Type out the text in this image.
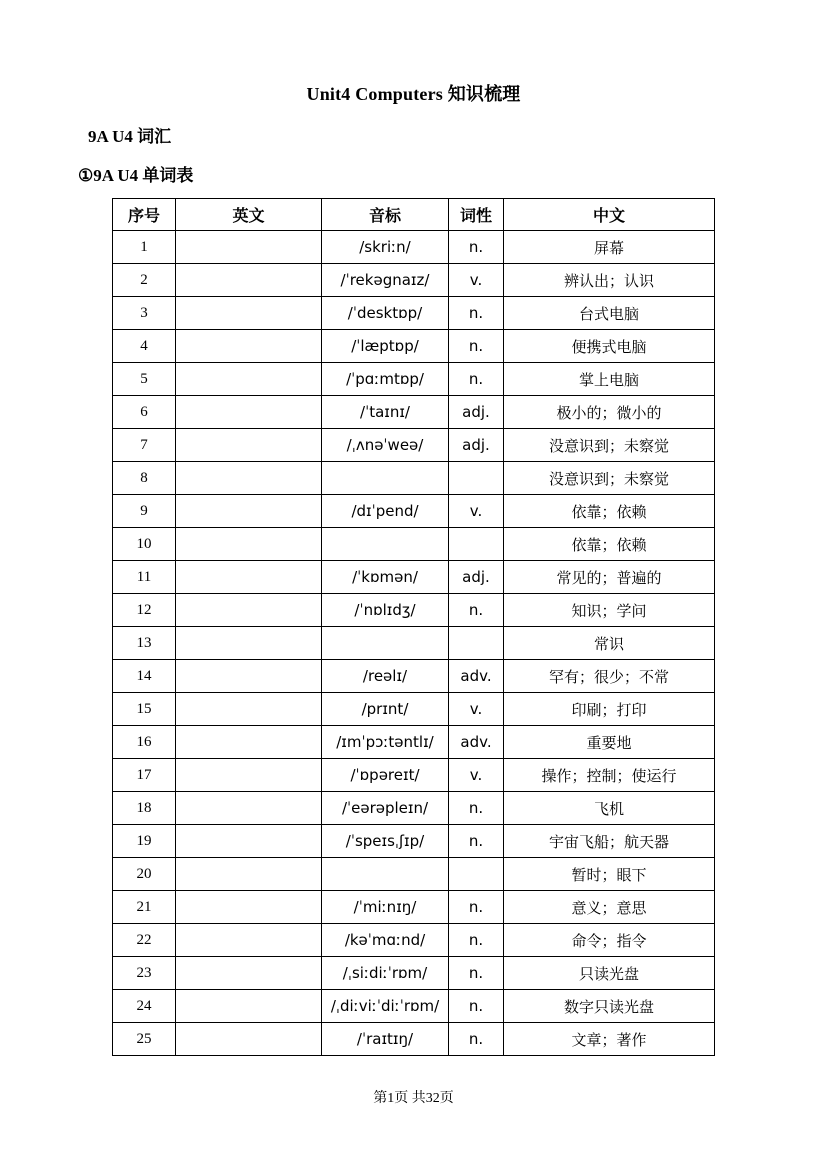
Unit4 Computers 知识梳理
9A U4 词汇
①9A U4 单词表
序号	英文	音标	词性	中文
1		/skriːn/	n.	屏幕
2		/ˈrekəgnaɪz/	v.	辨认出；认识
3		/ˈdesktɒp/	n.	台式电脑
4		/ˈlæptɒp/	n.	便携式电脑
5		/ˈpɑːmtɒp/	n.	掌上电脑
6		/ˈtaɪnɪ/	adj.	极小的；微小的
7		/ˌʌnəˈweə/	adj.	没意识到；未察觉
8				没意识到；未察觉
9		/dɪˈpend/	v.	依靠；依赖
10				依靠；依赖
11		/ˈkɒmən/	adj.	常见的；普遍的
12		/ˈnɒlɪdʒ/	n.	知识；学问
13				常识
14		/reəlɪ/	adv.	罕有；很少；不常
15		/prɪnt/	v.	印刷；打印
16		/ɪmˈpɔːtəntlɪ/	adv.	重要地
17		/ˈɒpəreɪt/	v.	操作；控制；使运行
18		/ˈeərəpleɪn/	n.	飞机
19		/ˈspeɪsˌʃɪp/	n.	宇宙飞船；航天器
20				暂时；眼下
21		/ˈmiːnɪŋ/	n.	意义；意思
22		/kəˈmɑːnd/	n.	命令；指令
23		/ˌsiːdiːˈrɒm/	n.	只读光盘
24		/ˌdiːviːˈdiːˈrɒm/	n.	数字只读光盘
25		/ˈraɪtɪŋ/	n.	文章；著作
第1页 共32页
